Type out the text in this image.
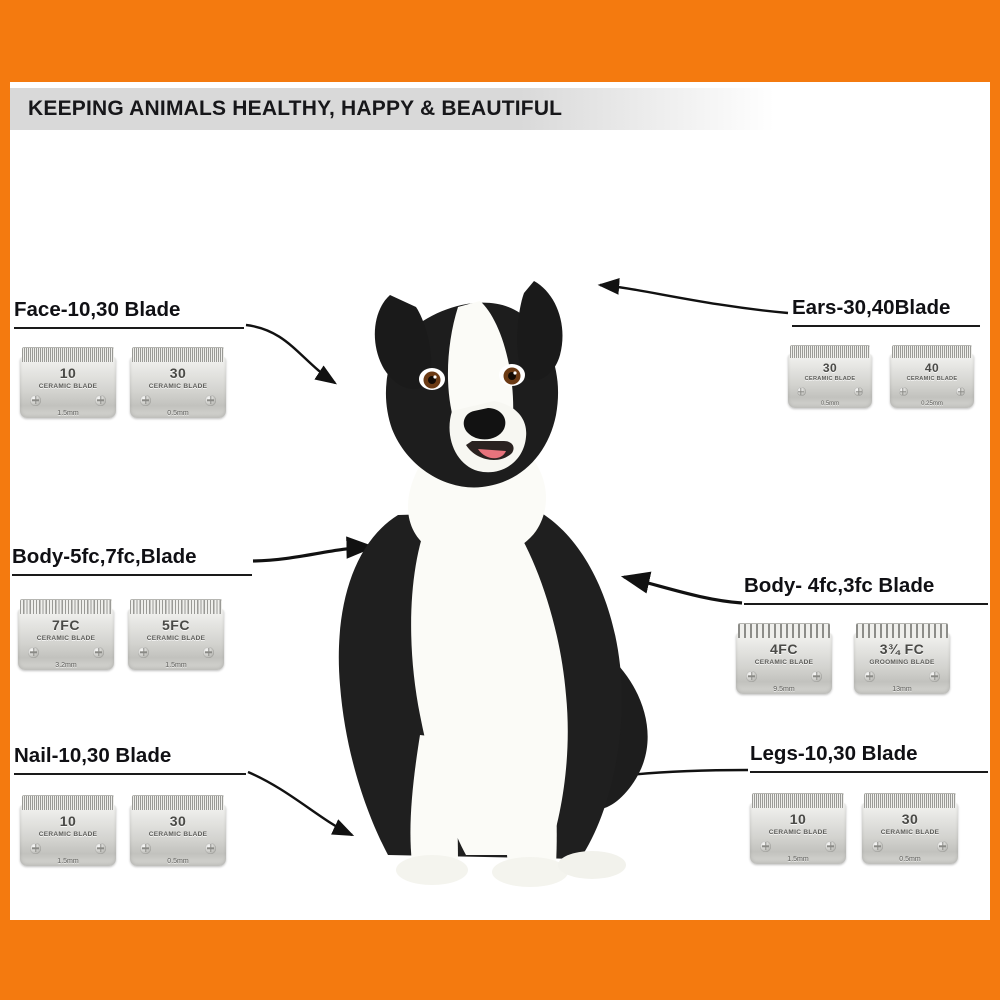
KEEPING ANIMALS HEALTHY, HAPPY & BEAUTIFUL
Face-10,30 Blade
10
CERAMIC BLADE
1.5mm
30
CERAMIC BLADE
0.5mm
Ears-30,40Blade
30
CERAMIC BLADE
0.5mm
40
CERAMIC BLADE
0.25mm
Body-5fc,7fc,Blade
7FC
CERAMIC BLADE
3.2mm
5FC
CERAMIC BLADE
1.5mm
Body- 4fc,3fc Blade
4FC
CERAMIC BLADE
9.5mm
3¾ FC
GROOMING BLADE
13mm
Nail-10,30 Blade
10
CERAMIC BLADE
1.5mm
30
CERAMIC BLADE
0.5mm
Legs-10,30 Blade
10
CERAMIC BLADE
1.5mm
30
CERAMIC BLADE
0.5mm
